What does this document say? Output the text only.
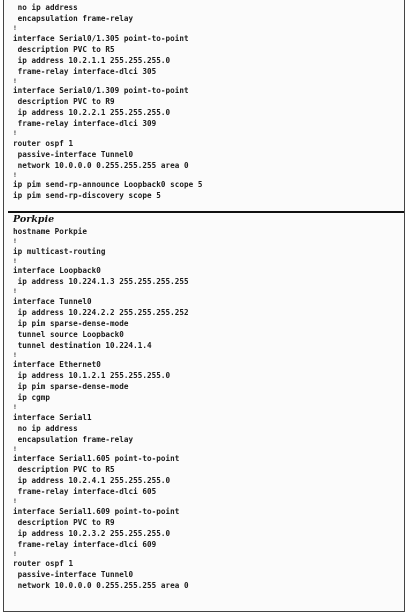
no ip address
encapsulation frame-relay
!
interface Serial0/1.305 point-to-point
description PVC to R5
ip address 10.2.1.1 255.255.255.0
frame-relay interface-dlci 305
!
interface Serial0/1.309 point-to-point
description PVC to R9
ip address 10.2.2.1 255.255.255.0
frame-relay interface-dlci 309
!
router ospf 1
passive-interface Tunnel0
network 10.0.0.0 0.255.255.255 area 0
!
ip pim send-rp-announce Loopback0 scope 5
ip pim send-rp-discovery scope 5
Porkpie
hostname Porkpie
!
ip multicast-routing
!
interface Loopback0
ip address 10.224.1.3 255.255.255.255
!
interface Tunnel0
ip address 10.224.2.2 255.255.255.252
ip pim sparse-dense-mode
tunnel source Loopback0
tunnel destination 10.224.1.4
!
interface Ethernet0
ip address 10.1.2.1 255.255.255.0
ip pim sparse-dense-mode
ip cgmp
!
interface Serial1
no ip address
encapsulation frame-relay
!
interface Serial1.605 point-to-point
description PVC to R5
ip address 10.2.4.1 255.255.255.0
frame-relay interface-dlci 605
!
interface Serial1.609 point-to-point
description PVC to R9
ip address 10.2.3.2 255.255.255.0
frame-relay interface-dlci 609
!
router ospf 1
passive-interface Tunnel0
network 10.0.0.0 0.255.255.255 area 0
